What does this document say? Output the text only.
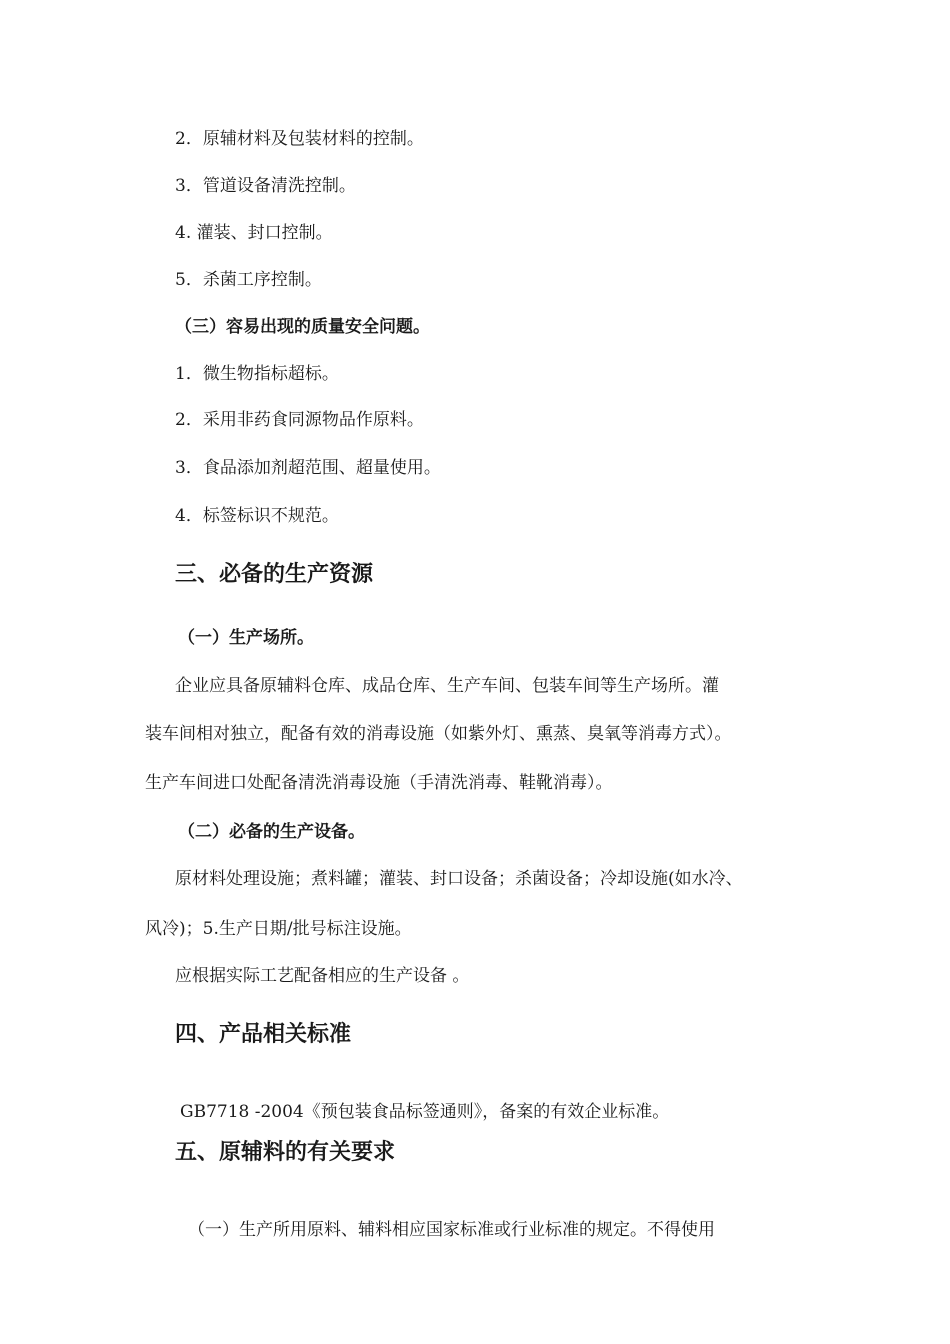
2．原辅材料及包装材料的控制。
3．管道设备清洗控制。
4. 灌装、封口控制。
5．杀菌工序控制。
（三）容易出现的质量安全问题。
1．微生物指标超标。
2．采用非药食同源物品作原料。
3．食品添加剂超范围、超量使用。
4．标签标识不规范。
三、必备的生产资源
（一）生产场所。
企业应具备原辅料仓库、成品仓库、生产车间、包装车间等生产场所。灌
装车间相对独立，配备有效的消毒设施（如紫外灯、熏蒸、臭氧等消毒方式）。
生产车间进口处配备清洗消毒设施（手清洗消毒、鞋靴消毒）。
（二）必备的生产设备。
原材料处理设施；煮料罐；灌装、封口设备；杀菌设备；冷却设施(如水冷、
风冷)；5.生产日期/批号标注设施。
应根据实际工艺配备相应的生产设备 。
四、产品相关标准
GB7718 -2004《预包装食品标签通则》，备案的有效企业标准。
五、原辅料的有关要求
（一）生产所用原料、辅料相应国家标准或行业标准的规定。不得使用
